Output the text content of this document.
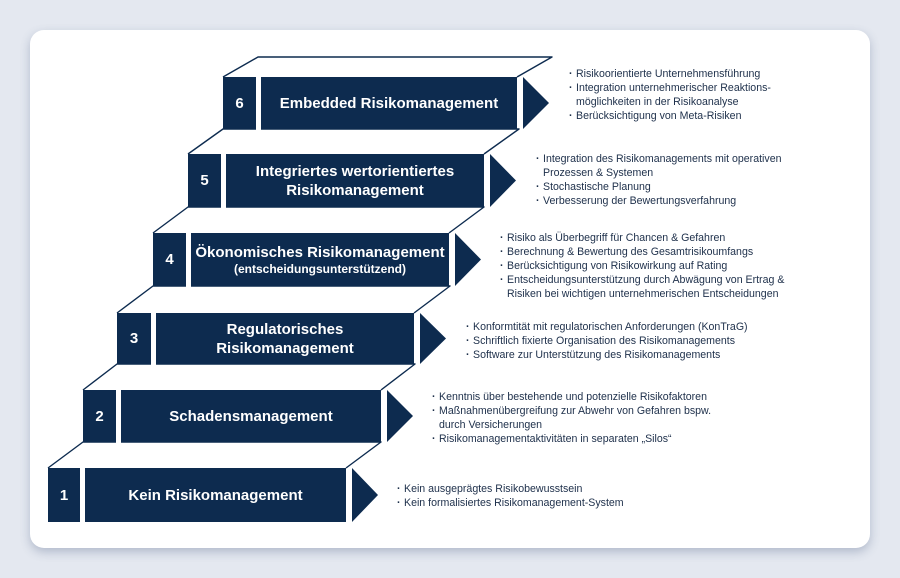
1	Kein Risikomanagement
·	Kein ausgeprägtes Risikobewusstsein
· Kein formalisiertes Risikomanagement-System
2	Schadensmanagement
· Kenntnis über bestehende und potenzielle Risikofaktoren
· Maßnahmenübergreifung zur Abwehr von Gefahren bspw.
durch Versicherungen
· Risikomanagementaktivitäten in separaten „Silos“
3
Regulatorisches
Risikomanagement
· Konformtität mit regulatorischen Anforderungen (KonTraG)
· Schriftlich fixierte Organisation des Risikomanagements
· Software zur Unterstützung des Risikomanagements
4	Ökonomisches Risikomanagement
(entscheidungsunterstützend)
· Risiko als Überbegriff für Chancen & Gefahren
· Berechnung & Bewertung des Gesamtrisikoumfangs
· Berücksichtigung von Risikowirkung auf Rating
· Entscheidungsunterstützung durch Abwägung von Ertrag &
Risiken bei wichtigen unternehmerischen Entscheidungen
5
Integriertes wertorientiertes
Risikomanagement
· Integration des Risikomanagements mit operativen
Prozessen & Systemen
· Stochastische Planung
· Verbesserung der Bewertungsverfahrung
6	Embedded Risikomanagement
· Risikoorientierte Unternehmensführung
· Integration unternehmerischer Reaktions-
möglichkeiten in der Risikoanalyse
· Berücksichtigung von Meta-Risiken
